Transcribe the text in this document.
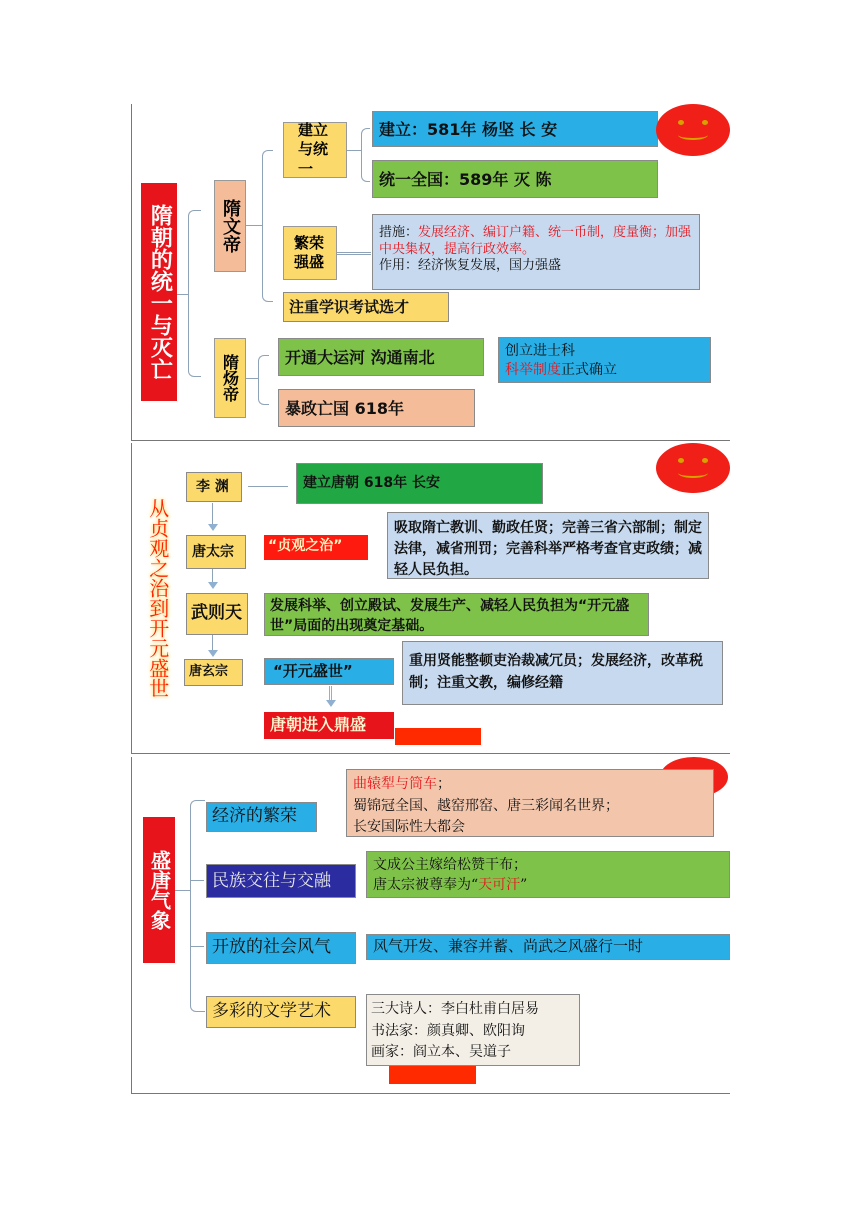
隋朝的统一与灭亡	隋文帝
隋炀帝
建立与统一
建立：581年 杨坚 长 安
统一全国：589年 灭 陈
繁荣强盛
措施：发展经济、编订户籍、统一币制，度量衡；加强中央集权，提高行政效率。
作用：经济恢复发展，国力强盛
注重学识考试选才
开通大运河 沟通南北	创立进士科
科举制度正式确立
暴政亡国 618年
从贞观之治到开元盛世
李 渊	建立唐朝 618年 长安
唐太宗	“贞观之治”
吸取隋亡教训、勤政任贤；完善三省六部制；制定法律，减省刑罚；完善科举严格考查官吏政绩；减轻人民负担。
武则天	发展科举、创立殿试、发展生产、减轻人民负担为“开元盛世”局面的出现奠定基础。
唐玄宗	“开元盛世”
重用贤能整顿吏治裁减冗员；发展经济，改革税制；注重文教，编修经籍
唐朝进入鼎盛
盛唐气象
经济的繁荣
曲辕犁与筒车；
蜀锦冠全国、越窑邢窑、唐三彩闻名世界；
长安国际性大都会
民族交往与交融
文成公主嫁给松赞干布；
唐太宗被尊奉为“天可汗”
开放的社会风气	风气开发、兼容并蓄、尚武之风盛行一时
多彩的文学艺术	三大诗人：李白杜甫白居易
书法家：颜真卿、欧阳询
画家：阎立本、吴道子
